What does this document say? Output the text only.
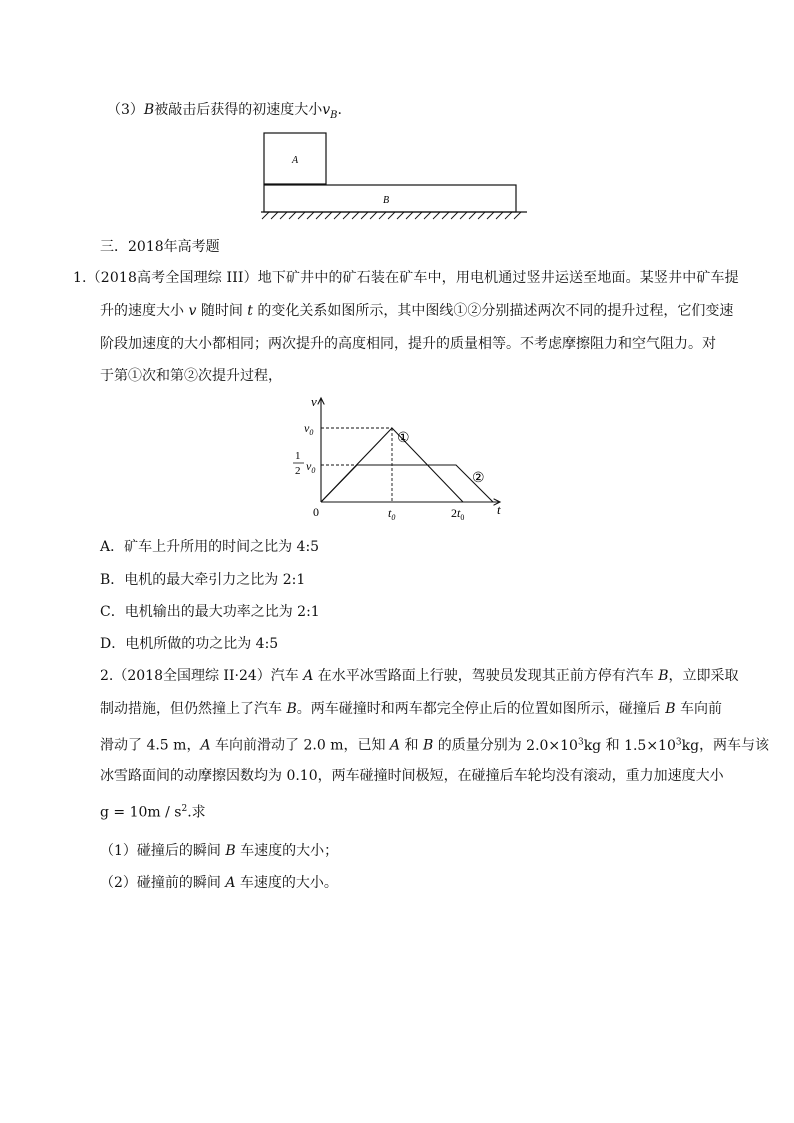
（3）B被敲击后获得的初速度大小$v_B$.
A
B
三．2018年高考题
1.（2018高考全国理综 III）地下矿井中的矿石装在矿车中，用电机通过竖井运送至地面。某竖井中矿车提
升的速度大小 v 随时间 t 的变化关系如图所示，其中图线①②分别描述两次不同的提升过程，它们变速
阶段加速度的大小都相同；两次提升的高度相同，提升的质量相等。不考虑摩擦阻力和空气阻力。对
于第①次和第②次提升过程，
v
t
$v_0$
1
2 $v_0$
0	$t_0$	$2t_0$
①
②
A．矿车上升所用的时间之比为 4:5
B．电机的最大牵引力之比为 2:1
C．电机输出的最大功率之比为 2:1
D．电机所做的功之比为 4:5
2.（2018全国理综 II·24）汽车 A 在水平冰雪路面上行驶，驾驶员发现其正前方停有汽车 B，立即采取
制动措施，但仍然撞上了汽车 B。两车碰撞时和两车都完全停止后的位置如图所示，碰撞后 B 车向前
滑动了 4.5 m，A 车向前滑动了 2.0 m，已知 A 和 B 的质量分别为 $2.0\times 10^3kg$ 和 $1.5\times 10^3kg$，两车与该
冰雪路面间的动摩擦因数均为 0.10，两车碰撞时间极短，在碰撞后车轮均没有滚动，重力加速度大小
$g = 10m / s^2$.求
（1）碰撞后的瞬间 B 车速度的大小；
（2）碰撞前的瞬间 A 车速度的大小。
